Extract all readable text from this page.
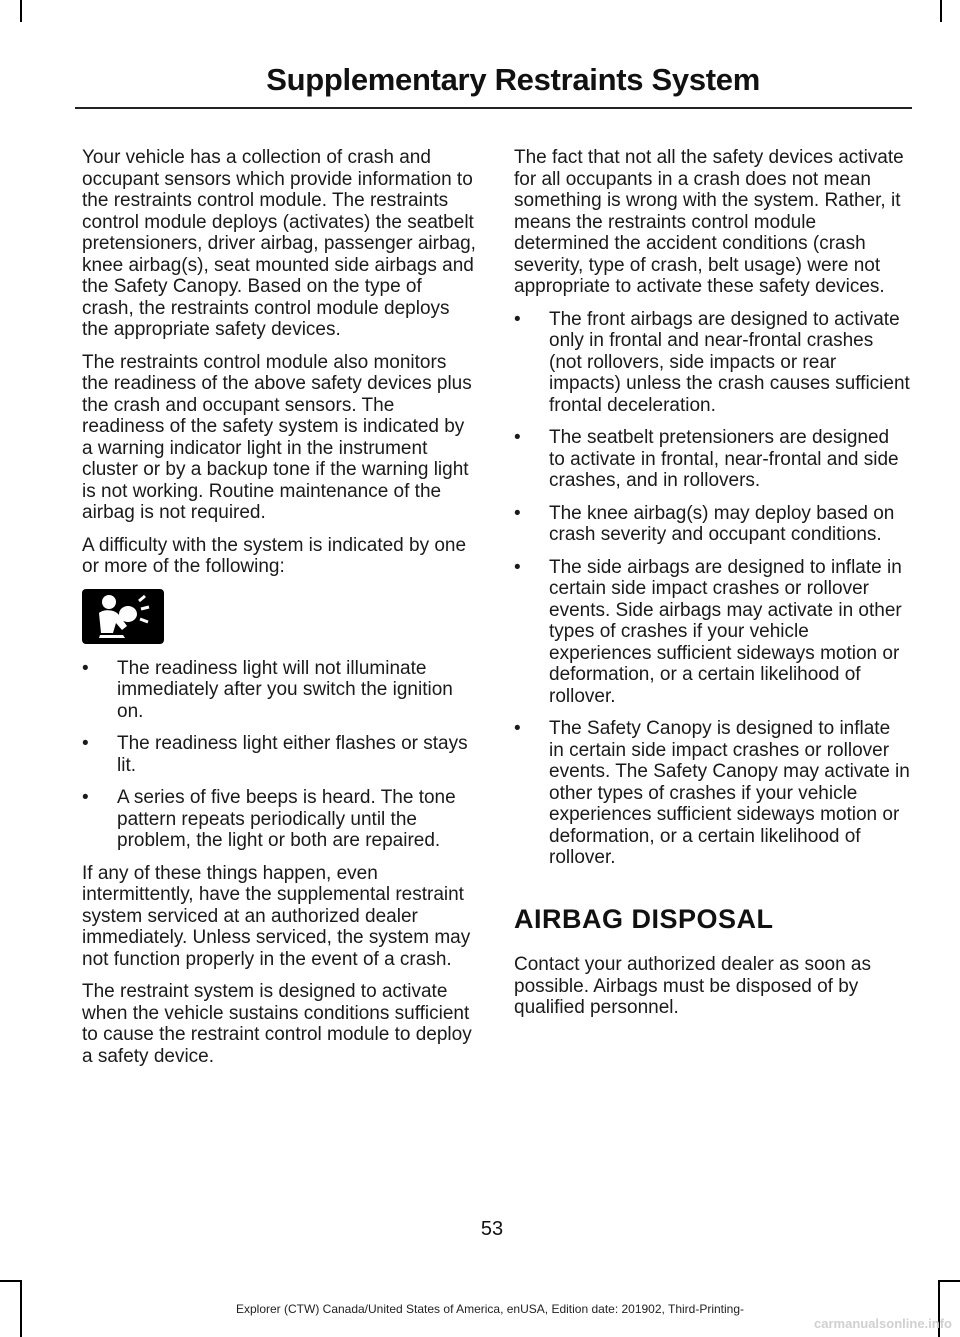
Supplementary Restraints System

Your vehicle has a collection of crash and occupant sensors which provide information to the restraints control module. The restraints control module deploys (activates) the seatbelt pretensioners, driver airbag, passenger airbag, knee airbag(s), seat mounted side airbags and the Safety Canopy. Based on the type of crash, the restraints control module deploys the appropriate safety devices.

The restraints control module also monitors the readiness of the above safety devices plus the crash and occupant sensors. The readiness of the safety system is indicated by a warning indicator light in the instrument cluster or by a backup tone if the warning light is not working. Routine maintenance of the airbag is not required.

A difficulty with the system is indicated by one or more of the following:

• The readiness light will not illuminate immediately after you switch the ignition on.
• The readiness light either flashes or stays lit.
• A series of five beeps is heard. The tone pattern repeats periodically until the problem, the light or both are repaired.

If any of these things happen, even intermittently, have the supplemental restraint system serviced at an authorized dealer immediately. Unless serviced, the system may not function properly in the event of a crash.

The restraint system is designed to activate when the vehicle sustains conditions sufficient to cause the restraint control module to deploy a safety device.

The fact that not all the safety devices activate for all occupants in a crash does not mean something is wrong with the system. Rather, it means the restraints control module determined the accident conditions (crash severity, type of crash, belt usage) were not appropriate to activate these safety devices.

• The front airbags are designed to activate only in frontal and near-frontal crashes (not rollovers, side impacts or rear impacts) unless the crash causes sufficient frontal deceleration.
• The seatbelt pretensioners are designed to activate in frontal, near-frontal and side crashes, and in rollovers.
• The knee airbag(s) may deploy based on crash severity and occupant conditions.
• The side airbags are designed to inflate in certain side impact crashes or rollover events. Side airbags may activate in other types of crashes if your vehicle experiences sufficient sideways motion or deformation, or a certain likelihood of rollover.
• The Safety Canopy is designed to inflate in certain side impact crashes or rollover events. The Safety Canopy may activate in other types of crashes if your vehicle experiences sufficient sideways motion or deformation, or a certain likelihood of rollover.
AIRBAG DISPOSAL

Contact your authorized dealer as soon as possible. Airbags must be disposed of by qualified personnel.

53
Explorer (CTW) Canada/United States of America, enUSA, Edition date: 201902, Third-Printing-
carmanualsonline.info
